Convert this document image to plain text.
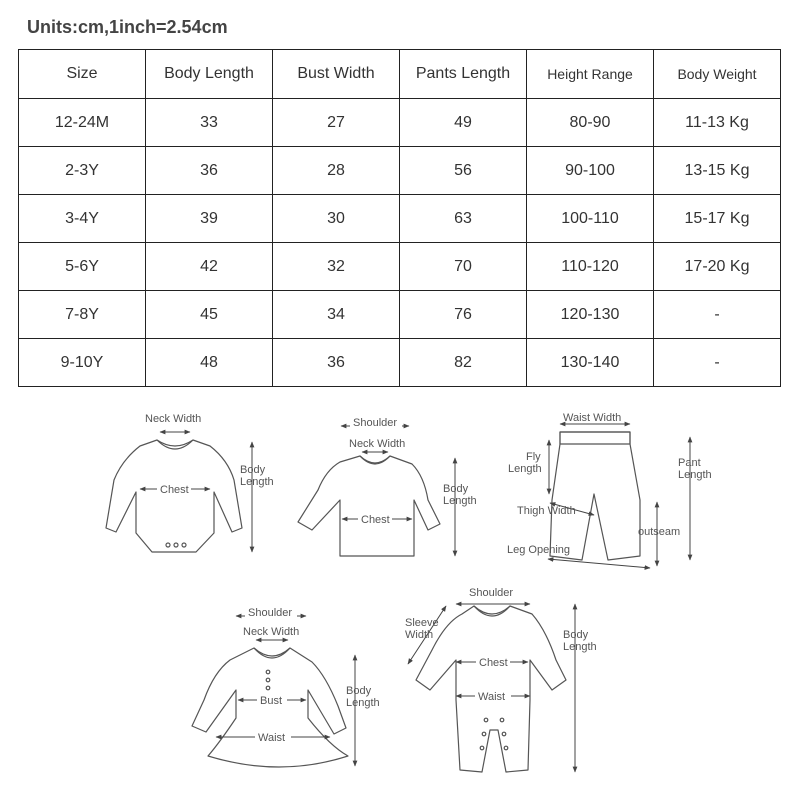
Units:cm,1inch=2.54cm
Size	Body Length	Bust Width	Pants Length	Height Range	Body Weight
12-24M	33	27	49	80-90	11-13 Kg
2-3Y	36	28	56	90-100	13-15 Kg
3-4Y	39	30	63	100-110	15-17 Kg
5-6Y	42	32	70	110-120	17-20 Kg
7-8Y	45	34	76	120-130	-
9-10Y	48	36	82	130-140	-
Neck Width
Chest
Body
Length
Shoulder
Neck Width
Chest
Body
Length
Waist Width
Fly
Length	Pant
Length
Thigh Width
outseam
Leg Opening
Shoulder
Neck Width
Bust
Waist
Body
Length
Shoulder
Sleeve
Width
Chest
Waist
Body
Length
